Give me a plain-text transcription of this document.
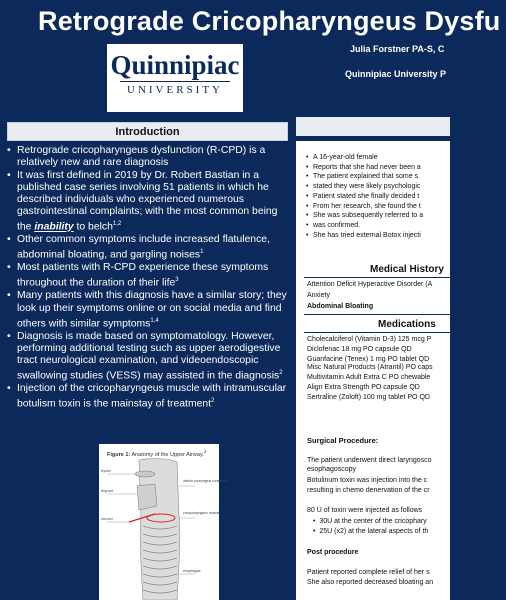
Retrograde Cricopharyngeus Dysfu
Quinnipiac
UNIVERSITY
Julia Forstner PA-S, C
Quinnipiac University P
Introduction
• Retrograde cricopharyngeus dysfunction (R-CPD) is a relatively new and rare diagnosis
• It was first defined in 2019 by Dr. Robert Bastian in a published case series involving 51 patients in which he described individuals who experienced numerous gastrointestinal complaints; with the most common being the inability to belch$^{1,2}$
• Other common symptoms include increased flatulence, abdominal bloating, and gargling noises$^1$
• Most patients with R-CPD experience these symptoms throughout the duration of their life$^3$
• Many patients with this diagnosis have a similar story; they look up their symptoms online or on social media and find others with similar symptoms$^{1,4}$
• Diagnosis is made based on symptomatology. However, performing additional testing such as upper aerodigestive tract neurological examination, and videoendoscopic swallowing studies (VESS) may assisted in the diagnosis$^2$
• Injection of the cricopharyngeus muscle with intramuscular botulism toxin is the mainstay of treatment$^2$
Figure 1: Anatomy of the Upper Airway.$^2$
hyoid
thyroid
cricoid
inferior pharyngeal constrictor
cricopharyngeus muscle
esophagus
• A 16-year-old female
• Reports that she had never been a
• The patient explained that some s
• stated they were likely psychologic
• Patient stated she finally decided t
• From her research, she found the t
• She was subsequently referred to a
• was confirmed.
• She has tried external Botox injecti
Medical History
Attention Deficit Hyperactive Disorder (A
Anxiety
Abdominal Bloating
Medications
Cholecalciferol (Vitamin D-3) 125 mcg P
Diclofenac 18 mg PO capsule QD
Guanfacine (Tenex) 1 mg PO tablet QD
Misc Natural Products (Atrantil) PO caps
Multivitamin Adult Extra C PO chewable
Align Extra Strength PO capsule QD
Sertraline (Zoloft) 100 mg tablet PO QD
Surgical Procedure:
The patient underwent direct laryngosco
esophagoscopy
Botulinum toxin was injection into the c
resulting in chemo denervation of the cr
80 U of toxin were injected as follows
•  30U at the center of the cricophary
•  25U (x2) at the lateral aspects of th
Post procedure
Patient reported complete relief of her s
She also reported decreased bloating an
